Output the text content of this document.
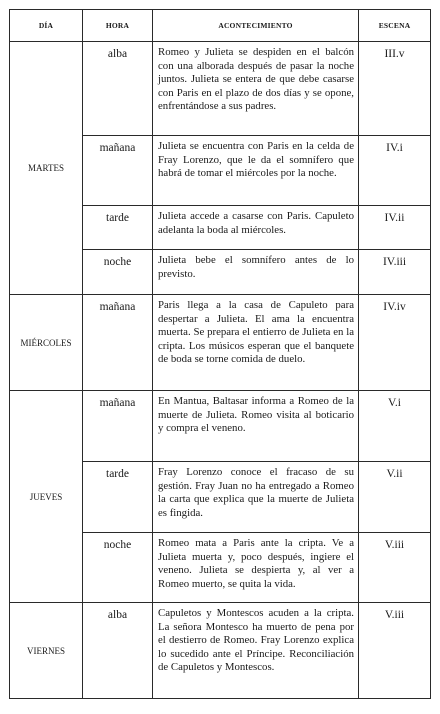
DÍA	HORA	ACONTECIMIENTO	ESCENA
MARTES	alba	Romeo y Julieta se despiden en el balcón con una alborada después de pasar la noche juntos. Julieta se entera de que debe casarse con Paris en el plazo de dos días y se opone, enfrentándose a sus padres.	III.v
	mañana	Julieta se encuentra con Paris en la celda de Fray Lorenzo, que le da el somnífero que habrá de tomar el miércoles por la noche.	IV.i
	tarde	Julieta accede a casarse con Paris. Capuleto adelanta la boda al miércoles.	IV.ii
	noche	Julieta bebe el somnífero antes de lo previsto.	IV.iii
MIÉRCOLES	mañana	Paris llega a la casa de Capuleto para despertar a Julieta. El ama la encuentra muerta. Se prepara el entierro de Julieta en la cripta. Los músicos esperan que el banquete de boda se torne comida de duelo.	IV.iv
JUEVES	mañana	En Mantua, Baltasar informa a Romeo de la muerte de Julieta. Romeo visita al boticario y compra el veneno.	V.i
	tarde	Fray Lorenzo conoce el fracaso de su gestión. Fray Juan no ha entregado a Romeo la carta que explica que la muerte de Julieta es fingida.	V.ii
	noche	Romeo mata a Paris ante la cripta. Ve a Julieta muerta y, poco después, ingiere el veneno. Julieta se despierta y, al ver a Romeo muerto, se quita la vida.	V.iii
VIERNES	alba	Capuletos y Montescos acuden a la cripta. La señora Montesco ha muerto de pena por el destierro de Romeo. Fray Lorenzo explica lo sucedido ante el Príncipe. Reconciliación de Capuletos y Montescos.	V.iii
